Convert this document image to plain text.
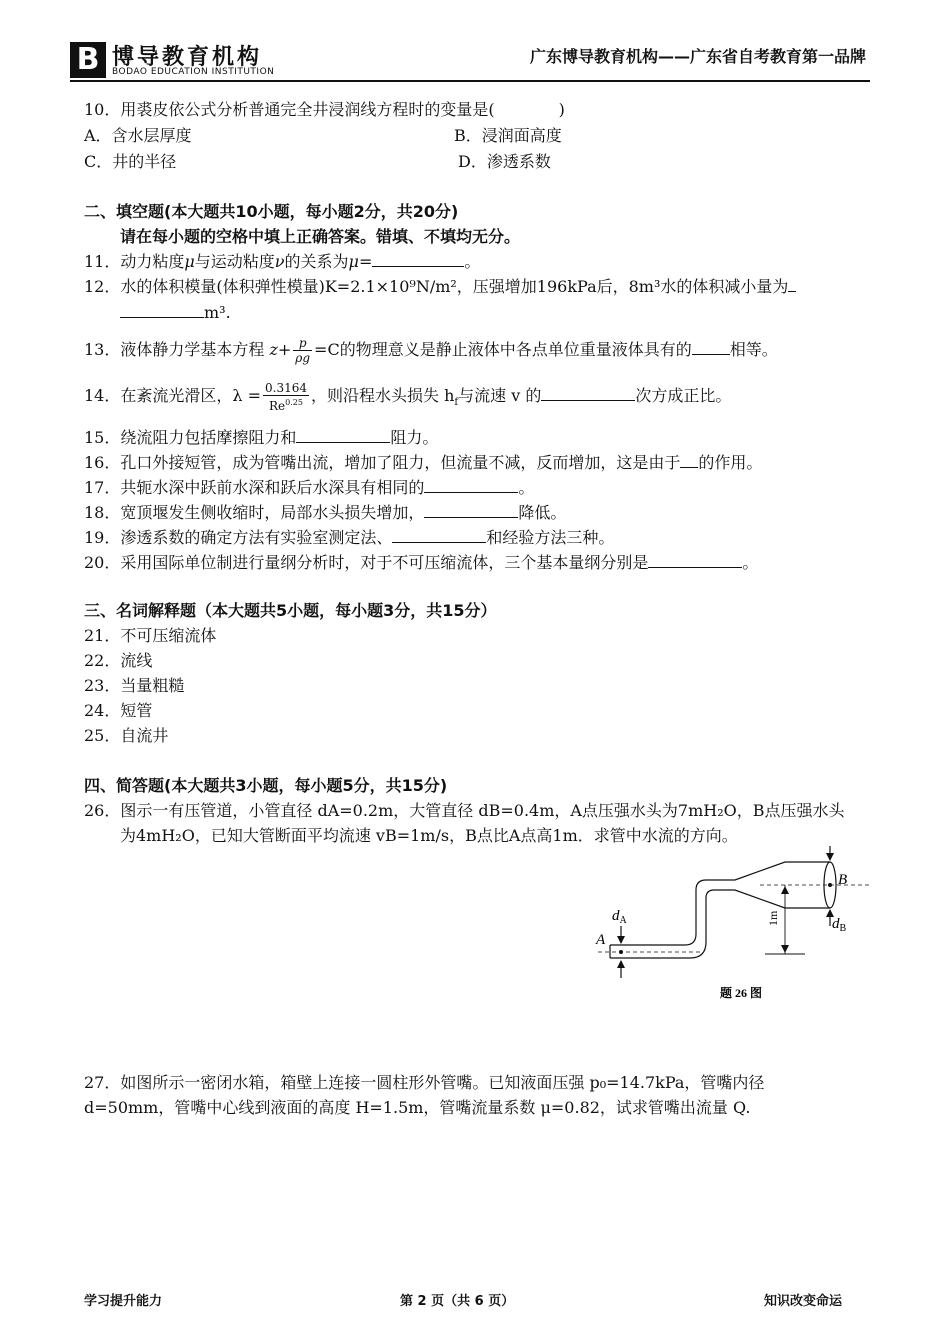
B 博导教育机构
BODAO EDUCATION INSTITUTION
广东博导教育机构——广东省自考教育第一品牌
10．用裘皮依公式分析普通完全井浸润线方程时的变量是(　　　　)
A．含水层厚度	B．浸润面高度
C．井的半径	D．渗透系数
二、填空题(本大题共10小题，每小题2分，共20分)
请在每小题的空格中填上正确答案。错填、不填均无分。
11．动力粘度μ与运动粘度ν的关系为μ=	。
12．水的体积模量(体积弹性模量)K=2.1×10⁹N/m²，压强增加196kPa后，8m³水的体积减小量为
m³.
13．液体静力学基本方程 $z+ \frac{p}{\rho g} =C$的物理意义是静止液体中各点单位重量液体具有的 相等。
14．在紊流光滑区，$\lambda = \frac{0.3164}{Re^{0.25}}$ ，则沿程水头损失 $h_f$与流速 v 的	次方成正比。
15．绕流阻力包括摩擦阻力和	阻力。
16．孔口外接短管，成为管嘴出流，增加了阻力，但流量不减，反而增加，这是由于 的作用。
17．共轭水深中跃前水深和跃后水深具有相同的	。
18．宽顶堰发生侧收缩时，局部水头损失增加，	降低。
19．渗透系数的确定方法有实验室测定法、	和经验方法三种。
20．采用国际单位制进行量纲分析时，对于不可压缩流体，三个基本量纲分别是	。
三、名词解释题（本大题共5小题，每小题3分，共15分）
21．不可压缩流体
22．流线
23．当量粗糙
24．短管
25．自流井
四、简答题(本大题共3小题，每小题5分，共15分)
26．图示一有压管道，小管直径 dA=0.2m，大管直径 dB=0.4m，A点压强水头为7mH₂O，B点压强水头
为4mH₂O，已知大管断面平均流速 vB=1m/s，B点比A点高1m．求管中水流的方向。
A
B
$d_A$	$d_B$
1m
题 26 图
27．如图所示一密闭水箱，箱壁上连接一圆柱形外管嘴。已知液面压强 p₀=14.7kPa，管嘴内径
d=50mm，管嘴中心线到液面的高度 H=1.5m，管嘴流量系数 μ=0.82，试求管嘴出流量 Q.
学习提升能力	第 2 页（共 6 页）	知识改变命运
